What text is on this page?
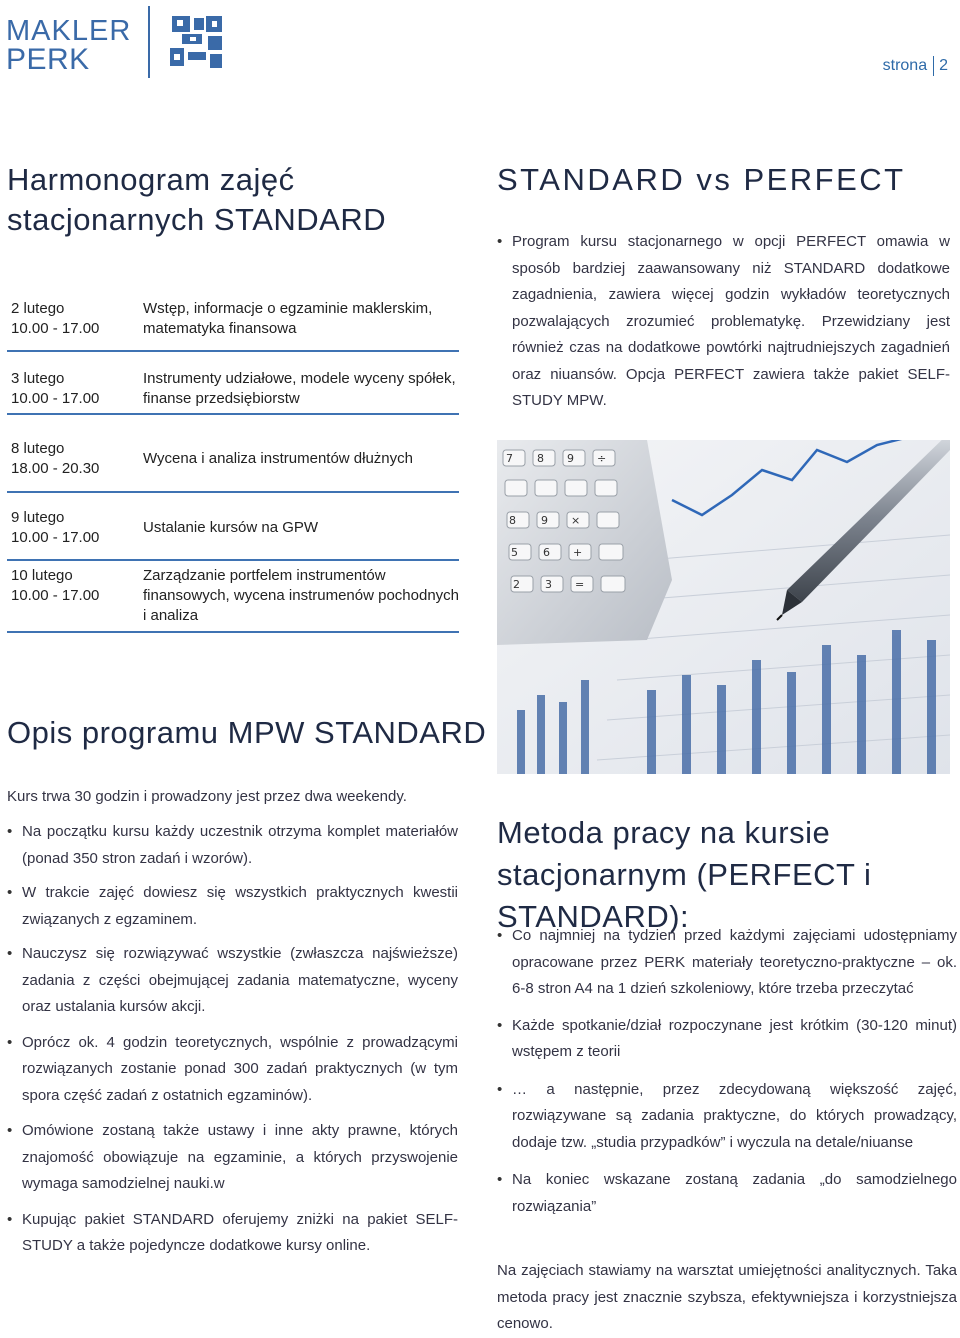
MAKLER
PERK	strona 2
Harmonogram zajęć stacjonarnych STANDARD
2 lutego
10.00 - 17.00
Wstęp, informacje o egzaminie maklerskim, matematyka finansowa
3 lutego
10.00 - 17.00
Instrumenty udziałowe, modele wyceny spółek, finanse przedsiębiorstw
8 lutego
18.00 - 20.30
Wycena i analiza instrumentów dłużnych
9 lutego
10.00 - 17.00
Ustalanie kursów na GPW
10 lutego
10.00 - 17.00
Zarządzanie portfelem instrumentów finansowych, wycena instrumenów pochodnych i analiza
STANDARD vs PERFECT
• Program kursu stacjonarnego w opcji PERFECT omawia w sposób bardziej zaawansowany niż STANDARD dodatkowe zagadnienia, zawiera więcej godzin wykładów teoretycznych pozwalających zrozumieć problematykę. Przewidziany jest również czas na dodatkowe powtórki najtrudniejszych zagadnień oraz niuansów. Opcja PERFECT zawiera także pakiet SELF-STUDY MPW.
7 8 9 ÷
8 9 ×
5 6 +
2 3 =
Opis programu MPW STANDARD
Kurs trwa 30 godzin i prowadzony jest przez dwa weekendy.
• Na początku kursu każdy uczestnik otrzyma komplet materiałów (ponad 350 stron zadań i wzorów).
• W trakcie zajęć dowiesz się wszystkich praktycznych kwestii związanych z egzaminem.
• Nauczysz się rozwiązywać wszystkie (zwłaszcza najświeższe) zadania z części obejmującej zadania matematyczne, wyceny oraz ustalania kursów akcji.
• Oprócz ok. 4 godzin teoretycznych, wspólnie z prowadzącymi rozwiązanych zostanie ponad 300 zadań praktycznych (w tym spora część zadań z ostatnich egzaminów).
• Omówione zostaną także ustawy i inne akty prawne, których znajomość obowiązuje na egzaminie, a których przyswojenie wymaga samodzielnej nauki.w
• Kupując pakiet STANDARD oferujemy zniżki na pakiet SELF-STUDY a także pojedyncze dodatkowe kursy online.
Metoda pracy na kursie stacjonarnym (PERFECT i STANDARD):
• Co najmniej na tydzień przed każdymi zajęciami udostępniamy opracowane przez PERK materiały teoretyczno-praktyczne – ok. 6-8 stron A4 na 1 dzień szkoleniowy, które trzeba przeczytać
• Każde spotkanie/dział rozpoczynane jest krótkim (30-120 minut) wstępem z teorii
• … a następnie, przez zdecydowaną większość zajęć, rozwiązywane są zadania praktyczne, do których prowadzący, dodaje tzw. „studia przypadków” i wyczula na detale/niuanse
• Na koniec wskazane zostaną zadania „do samodzielnego rozwiązania”
Na zajęciach stawiamy na warsztat umiejętności analitycznych. Taka metoda pracy jest znacznie szybsza, efektywniejsza i korzystniejsza cenowo.
